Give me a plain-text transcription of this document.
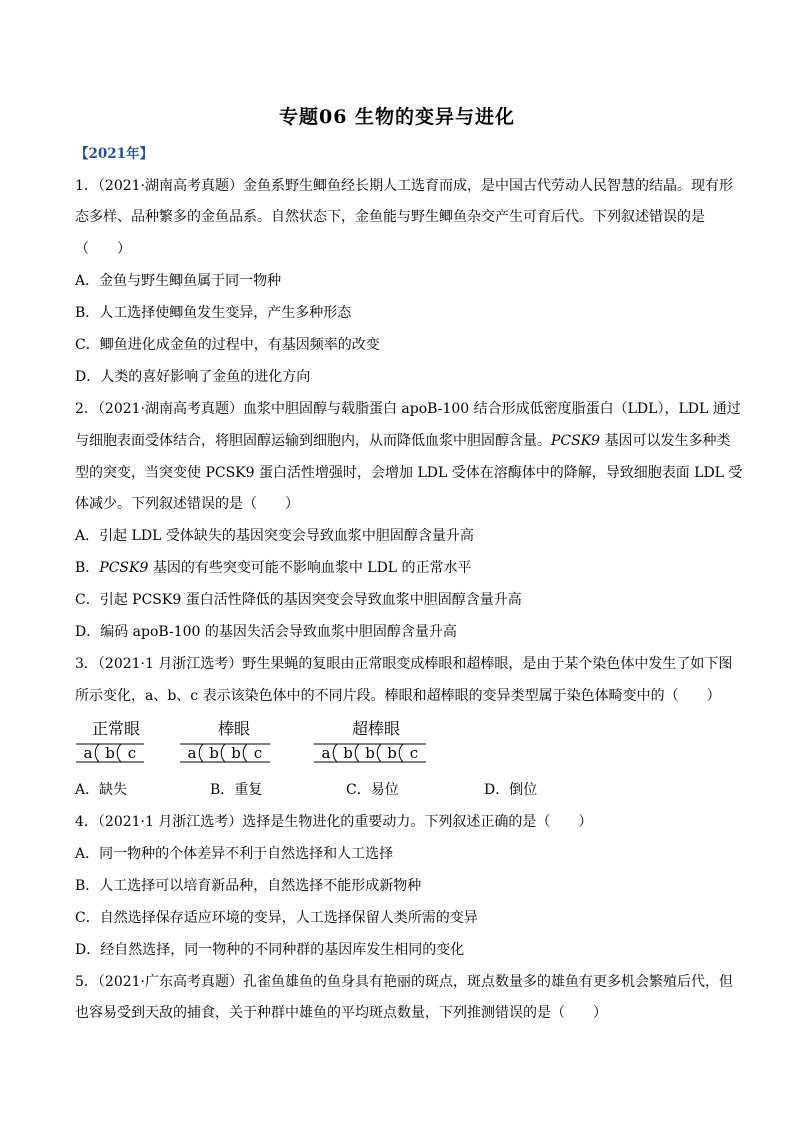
专题06 生物的变异与进化
【2021年】
1．（2021·湖南高考真题）金鱼系野生鲫鱼经长期人工选育而成，是中国古代劳动人民智慧的结晶。现有形
态多样、品种繁多的金鱼品系。自然状态下，金鱼能与野生鲫鱼杂交产生可育后代。下列叙述错误的是
（　　）
A．金鱼与野生鲫鱼属于同一物种
B．人工选择使鲫鱼发生变异，产生多种形态
C．鲫鱼进化成金鱼的过程中，有基因频率的改变
D．人类的喜好影响了金鱼的进化方向
2．（2021·湖南高考真题）血浆中胆固醇与载脂蛋白 apoB-100 结合形成低密度脂蛋白（LDL），LDL 通过
与细胞表面受体结合，将胆固醇运输到细胞内，从而降低血浆中胆固醇含量。PCSK9 基因可以发生多种类
型的突变，当突变使 PCSK9 蛋白活性增强时，会增加 LDL 受体在溶酶体中的降解，导致细胞表面 LDL 受
体减少。下列叙述错误的是（　　）
A．引起 LDL 受体缺失的基因突变会导致血浆中胆固醇含量升高
B．PCSK9 基因的有些突变可能不影响血浆中 LDL 的正常水平
C．引起 PCSK9 蛋白活性降低的基因突变会导致血浆中胆固醇含量升高
D．编码 apoB-100 的基因失活会导致血浆中胆固醇含量升高
3．（2021·1 月浙江选考）野生果蝇的复眼由正常眼变成棒眼和超棒眼，是由于某个染色体中发生了如下图
所示变化，a、b、c 表示该染色体中的不同片段。棒眼和超棒眼的变异类型属于染色体畸变中的（　　）
正常眼	棒眼	超棒眼
a b c	a b b c	a b b b c
A．缺失	B．重复	C．易位	D．倒位
4．（2021·1 月浙江选考）选择是生物进化的重要动力。下列叙述正确的是（　　）
A．同一物种的个体差异不利于自然选择和人工选择
B．人工选择可以培育新品种，自然选择不能形成新物种
C．自然选择保存适应环境的变异，人工选择保留人类所需的变异
D．经自然选择，同一物种的不同种群的基因库发生相同的变化
5．（2021·广东高考真题）孔雀鱼雄鱼的鱼身具有艳丽的斑点，斑点数量多的雄鱼有更多机会繁殖后代，但
也容易受到天敌的捕食，关于种群中雄鱼的平均斑点数量，下列推测错误的是（　　）
